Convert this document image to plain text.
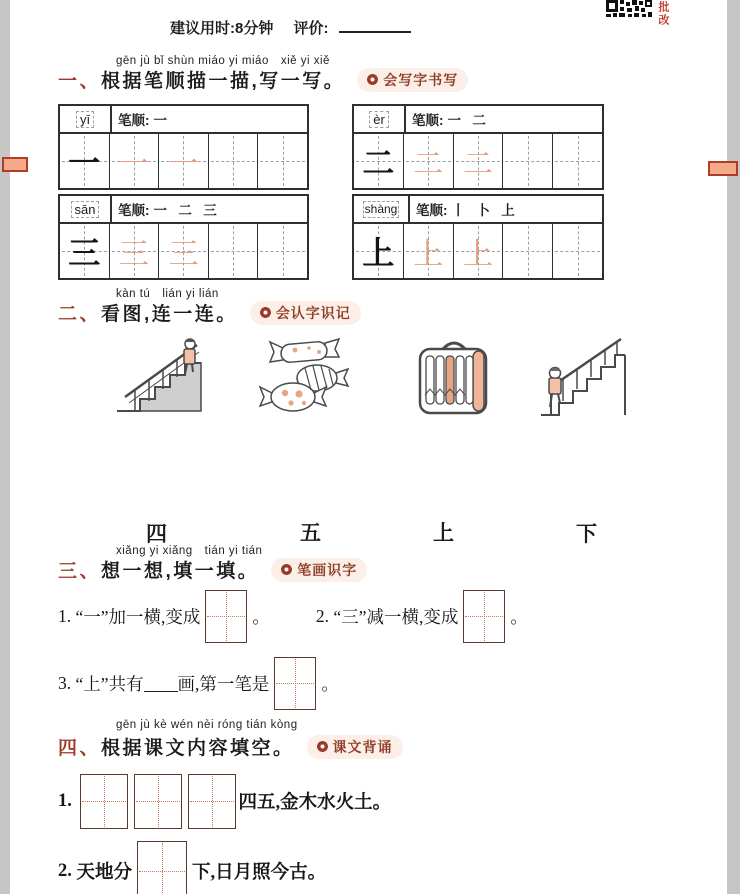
批改
建议用时:8分钟 评价:
gēn jù bǐ shùn miáo yi miáo　xiě yi xiě
一、 根据笔顺描一描,写一写。	会写字书写
yī	笔顺: 一
一 一 一
èr	笔顺: 一 二
二 二 二
sān	笔顺: 一 二 三
三 三 三
shàng	笔顺: 丨 卜 上
上 上 上
kàn tú　lián yi lián
二、 看图,连一连。	会认字识记
四	五	上	下
xiǎng yi xiǎng　tián yi tián
三、 想一想,填一填。	笔画识字
1.
“一”加一横,变成	。	2.
“三”减一横,变成	。
3.
“上”共有 画,第一笔是	。
gēn jù kè wén nèi róng tián kòng
四、 根据课文内容填空。	课文背诵
1.
	四五,金木水火土。
2.
天地分	下,日月照今古。
